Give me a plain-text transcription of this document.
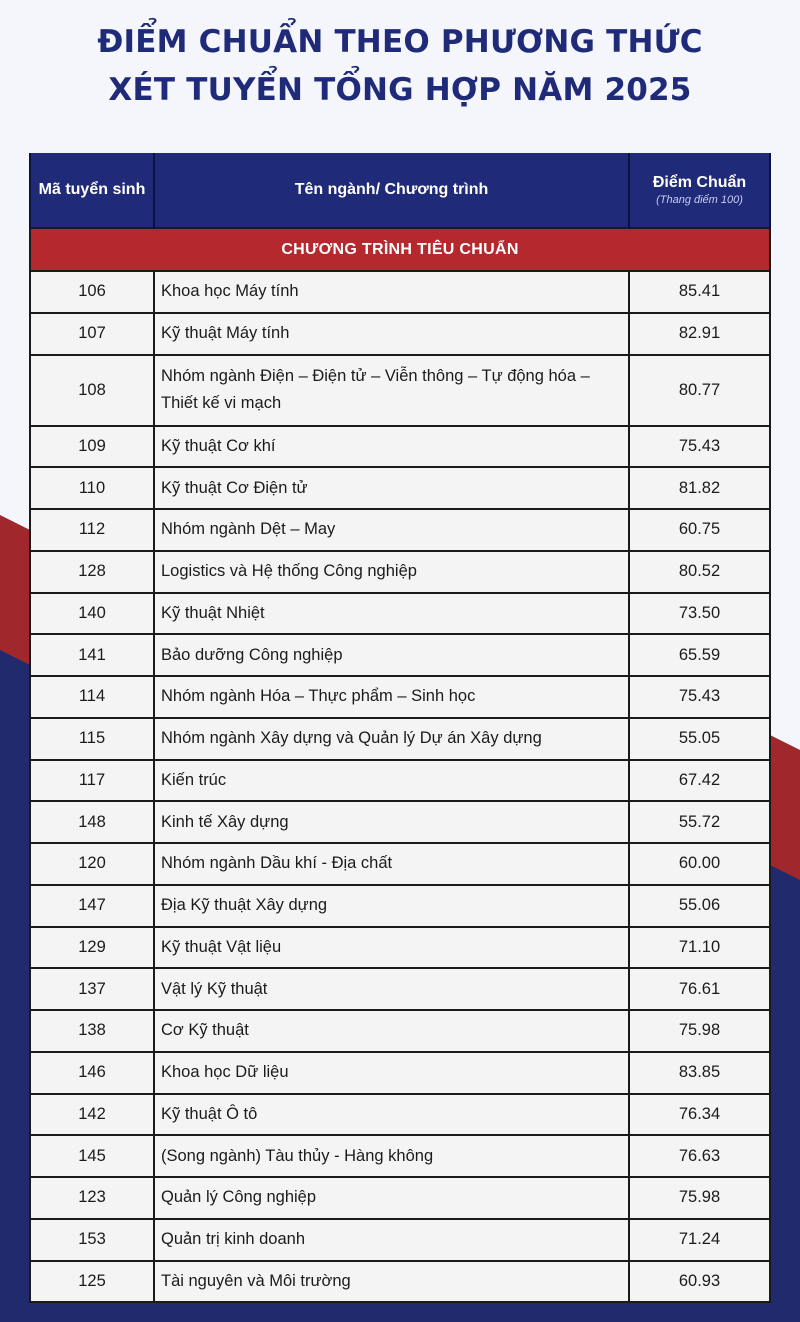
ĐIỂM CHUẨN THEO PHƯƠNG THỨC
XÉT TUYỂN TỔNG HỢP NĂM 2025
Mã tuyển sinh	Tên ngành/ Chương trình	Điểm Chuẩn
(Thang điểm 100)

CHƯƠNG TRÌNH TIÊU CHUẨN		
106	Khoa học Máy tính	85.41
107	Kỹ thuật Máy tính	82.91
108	Nhóm ngành Điện – Điện tử – Viễn thông – Tự động hóa – Thiết kế vi mạch	80.77
109	Kỹ thuật Cơ khí	75.43
110	Kỹ thuật Cơ Điện tử	81.82
112	Nhóm ngành Dệt – May	60.75
128	Logistics và Hệ thống Công nghiệp	80.52
140	Kỹ thuật Nhiệt	73.50
141	Bảo dưỡng Công nghiệp	65.59
114	Nhóm ngành Hóa – Thực phẩm – Sinh học	75.43
115	Nhóm ngành Xây dựng và Quản lý Dự án Xây dựng	55.05
117	Kiến trúc	67.42
148	Kinh tế Xây dựng	55.72
120	Nhóm ngành Dầu khí - Địa chất	60.00
147	Địa Kỹ thuật Xây dựng	55.06
129	Kỹ thuật Vật liệu	71.10
137	Vật lý Kỹ thuật	76.61
138	Cơ Kỹ thuật	75.98
146	Khoa học Dữ liệu	83.85
142	Kỹ thuật Ô tô	76.34
145	(Song ngành) Tàu thủy - Hàng không	76.63
123	Quản lý Công nghiệp	75.98
153	Quản trị kinh doanh	71.24
125	Tài nguyên và Môi trường	60.93
